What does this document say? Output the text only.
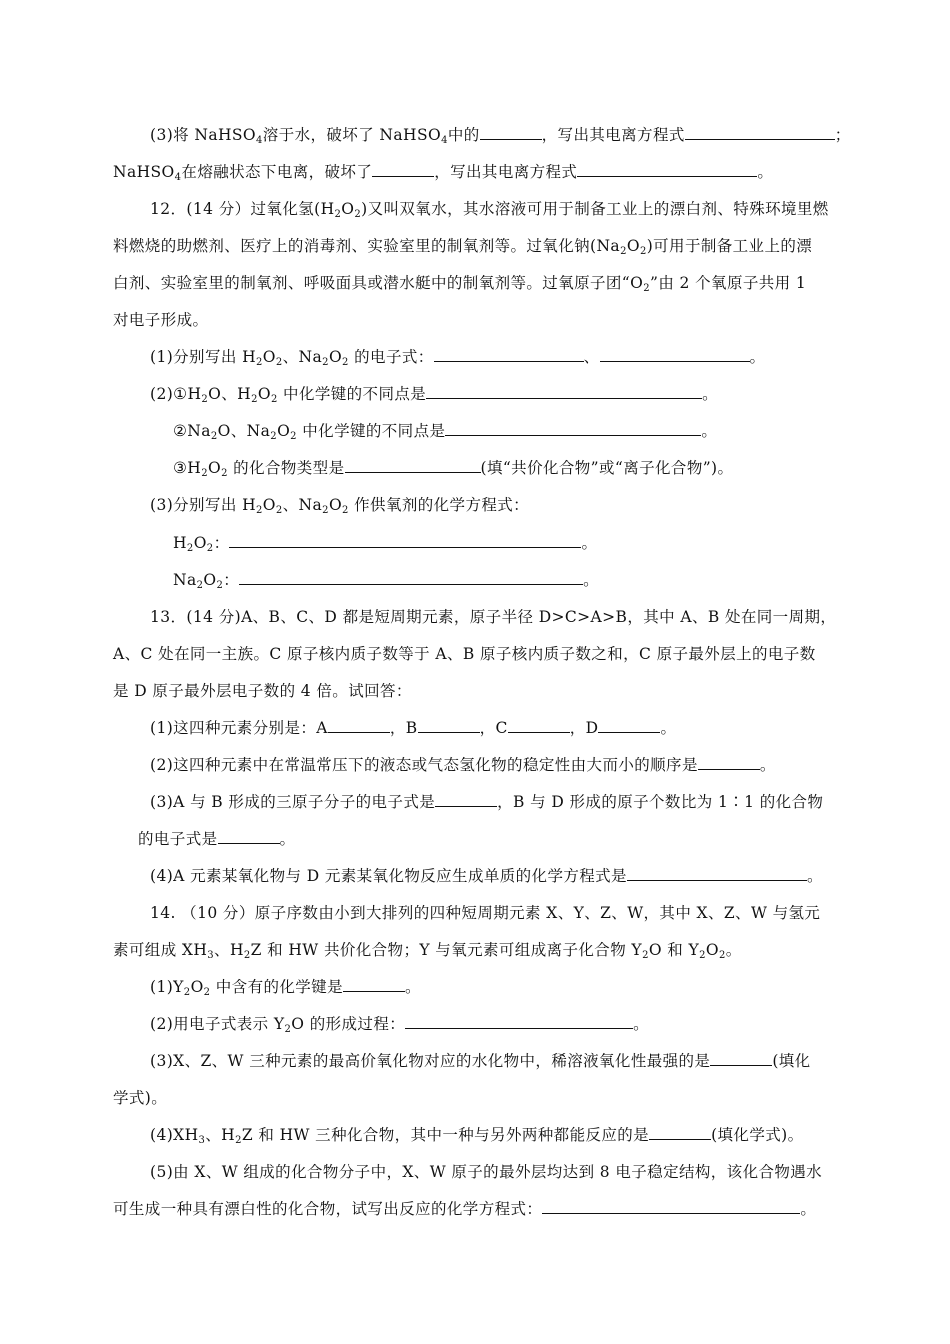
(3)将 NaHSO$_4$溶于水，破坏了 NaHSO$_4$中的	，写出其电离方程式	；
NaHSO$_4$在熔融状态下电离，破坏了	，写出其电离方程式	。
12．(14 分）过氧化氢$(H_2O_2)$又叫双氧水，其水溶液可用于制备工业上的漂白剂、特殊环境里燃
料燃烧的助燃剂、医疗上的消毒剂、实验室里的制氧剂等。过氧化钠$(Na_2O_2)$可用于制备工业上的漂
白剂、实验室里的制氧剂、呼吸面具或潜水艇中的制氧剂等。过氧原子团“$O_2$”由 2 个氧原子共用 1
对电子形成。
(1)分别写出 $H_2O_2$、$Na_2O_2$ 的电子式：	、	。
$(2)①H_2O$、$H_2O_2$ 中化学键的不同点是	。
$②Na_2O$、$Na_2O_2$ 中化学键的不同点是	。
$③H_2O_2$ 的化合物类型是	(填“共价化合物”或“离子化合物”)。
(3)分别写出 $H_2O_2$、$Na_2O_2$ 作供氧剂的化学方程式：
$H_2O_2$：	。
$Na_2O_2$：	。
13．(14 分)A、B、C、D 都是短周期元素，原子半径 D>C>A>B，其中 A、B 处在同一周期，
A、C 处在同一主族。C 原子核内质子数等于 A、B 原子核内质子数之和，C 原子最外层上的电子数
是 D 原子最外层电子数的 4 倍。试回答：
(1)这四种元素分别是：A	，B	，C	，D	。
(2)这四种元素中在常温常压下的液态或气态氢化物的稳定性由大而小的顺序是	。
(3)A 与 B 形成的三原子分子的电子式是	，B 与 D 形成的原子个数比为 1∶1 的化合物
的电子式是	。
(4)A 元素某氧化物与 D 元素某氧化物反应生成单质的化学方程式是	。
14. （10 分）原子序数由小到大排列的四种短周期元素 X、Y、Z、W，其中 X、Z、W 与氢元
素可组成 $XH_3$、$H_2Z$ 和 HW 共价化合物；Y 与氧元素可组成离子化合物 $Y_2O$ 和 $Y_2O_2$。
$(1)Y_2O_2$ 中含有的化学键是	。
(2)用电子式表示 $Y_2O$ 的形成过程：	。
(3)X、Z、W 三种元素的最高价氧化物对应的水化物中，稀溶液氧化性最强的是	(填化
学式)。
$(4)XH_3$、$H_2Z$ 和 HW 三种化合物，其中一种与另外两种都能反应的是	(填化学式)。
(5)由 X、W 组成的化合物分子中，X、W 原子的最外层均达到 8 电子稳定结构，该化合物遇水
可生成一种具有漂白性的化合物，试写出反应的化学方程式：	。
